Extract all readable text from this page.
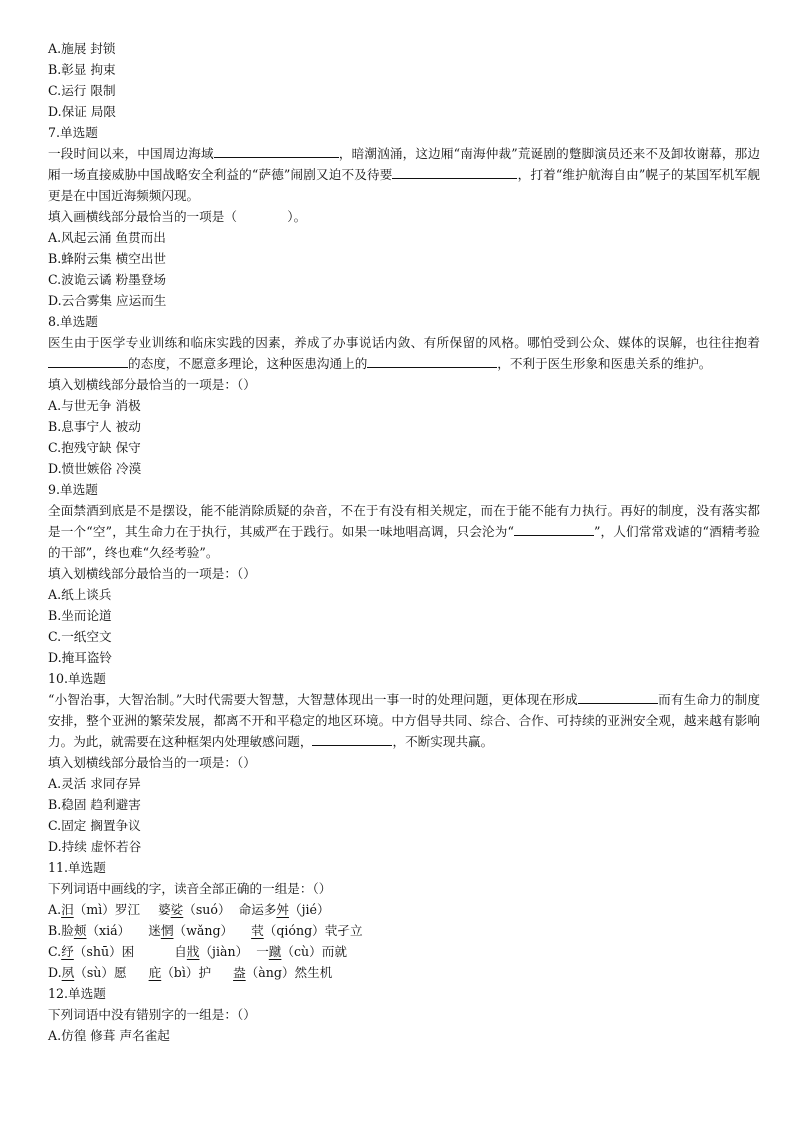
A.施展 封锁
B.彰显 拘束
C.运行 限制
D.保证 局限
7.单选题
一段时间以来，中国周边海域	，暗潮汹涌，这边厢“南海仲裁”荒诞剧的蹩脚演员还来不及卸妆谢幕，那边厢一场直接威胁中国战略安全利益的“萨德”闹剧又迫不及待要	，打着“维护航海自由”幌子的某国军机军舰更是在中国近海频频闪现。
填入画横线部分最恰当的一项是（　　　　）。
A.风起云涌 鱼贯而出
B.蜂附云集 横空出世
C.波诡云谲 粉墨登场
D.云合雾集 应运而生
8.单选题
医生由于医学专业训练和临床实践的因素，养成了办事说话内敛、有所保留的风格。哪怕受到公众、媒体的误解，也往往抱着的态度，不愿意多理论，这种医患沟通上的	，不利于医生形象和医患关系的维护。
填入划横线部分最恰当的一项是：（）
A.与世无争 消极
B.息事宁人 被动
C.抱残守缺 保守
D.愤世嫉俗 冷漠
9.单选题
全面禁酒到底是不是摆设，能不能消除质疑的杂音，不在于有没有相关规定，而在于能不能有力执行。再好的制度，没有落实都是一个“空”，其生命力在于执行，其威严在于践行。如果一味地唱高调，只会沦为“	”，人们常常戏谑的“酒精考验的干部”，终也难“久经考验”。
填入划横线部分最恰当的一项是：（）
A.纸上谈兵
B.坐而论道
C.一纸空文
D.掩耳盗铃
10.单选题
“小智治事，大智治制。”大时代需要大智慧，大智慧体现出一事一时的处理问题，更体现在形成	而有生命力的制度安排，整个亚洲的繁荣发展，都离不开和平稳定的地区环境。中方倡导共同、综合、合作、可持续的亚洲安全观，越来越有影响力。为此，就需要在这种框架内处理敏感问题，	，不断实现共赢。
填入划横线部分最恰当的一项是：（）
A.灵活 求同存异
B.稳固 趋利避害
C.固定 搁置争议
D.持续 虚怀若谷
11.单选题
下列词语中画线的字，读音全部正确的一组是：（）
A.汨（mì）罗江 婆娑（suó） 命运多舛（jié）
B.脸颊（xiá） 迷惘（wǎng） 茕（qióng）茕孑立
C.纾（shū）困	自戕（jiàn） 一蹴（cù）而就
D.夙（sù）愿 庇（bì）护 盎（àng）然生机
12.单选题
下列词语中没有错别字的一组是：（）
A.仿徨 修葺 声名雀起
